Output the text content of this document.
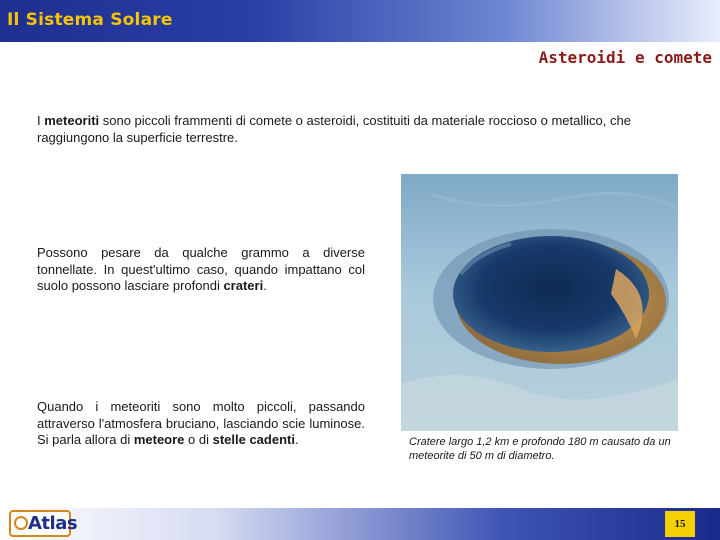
Il Sistema Solare
Asteroidi e comete
I meteoriti sono piccoli frammenti di comete o asteroidi, costituiti da materiale roccioso o metallico, che raggiungono la superficie terrestre.
Possono pesare da qualche grammo a diverse tonnellate. In quest'ultimo caso, quando impattano col suolo possono lasciare profondi crateri.
Quando i meteoriti sono molto piccoli, passando attraverso l'atmosfera bruciano, lasciando scie luminose. Si parla allora di meteore o di stelle cadenti.	Cratere largo 1,2 km e profondo 180 m causato da un meteorite di 50 m di diametro.
Atlas	15
